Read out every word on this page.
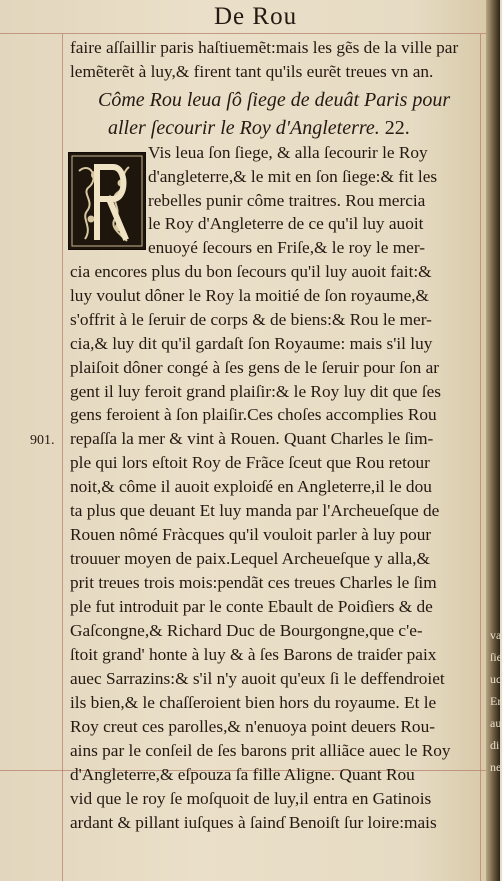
De Rou
faire aſſaillir paris haſtiuemẽt:mais les gẽs de la ville par
lemẽterẽt à luy,& firent tant qu'ils eurẽt treues vn an.
Côme Rou leua ſô ſiege de deuât Paris pour
aller ſecourir le Roy d'Angleterre. 22.
Vis leua ſon ſiege, & alla ſecourir le Roy
d'angleterre,& le mit en ſon ſiege:& fit les
rebelles punir côme traitres. Rou mercia
le Roy d'Angleterre de ce qu'il luy auoit
enuoyé ſecours en Friſe,& le roy le mer-
cia encores plus du bon ſecours qu'il luy auoit fait:&
luy voulut dôner le Roy la moitié de ſon royaume,&
s'offrit à le ſeruir de corps & de biens:& Rou le mer-
cia,& luy dit qu'il gardaſt ſon Royaume: mais s'il luy
plaiſoit dôner congé à ſes gens de le ſeruir pour ſon ar
gent il luy feroit grand plaiſir:& le Roy luy dit que ſes
gens feroient à ſon plaiſir.Ces choſes accomplies Rou
repaſſa la mer & vint à Rouen. Quant Charles le ſim-
ple qui lors eſtoit Roy de Frãce ſceut que Rou retour
noit,& côme il auoit exploiɗé en Angleterre,il le dou
ta plus que deuant Et luy manda par l'Archeueſque de
Rouen nômé Fràcques qu'il vouloit parler à luy pour
trouuer moyen de paix.Lequel Archeueſque y alla,&
prit treues trois mois:pendãt ces treues Charles le ſim
ple fut introduit par le conte Ebault de Poiɗiers & de
Gaſcongne,& Richard Duc de Bourgongne,que c'e-
ſtoit grand' honte à luy & à ſes Barons de traiɗer paix
auec Sarrazins:& s'il n'y auoit qu'eux ſi le deffendroiet
ils bien,& le chaſſeroient bien hors du royaume. Et le
Roy creut ces parolles,& n'enuoya point deuers Rou-
ains par le conſeil de ſes barons prit alliãce auec le Roy
d'Angleterre,& eſpouza ſa fille Aligne. Quant Rou
vid que le roy ſe moſquoit de luy,il entra en Gatinois
ardant & pillant iuſques à ſainɗ Benoiſt ſur loire:mais
901.
va
ſie
uc
Er
au
di
ne
